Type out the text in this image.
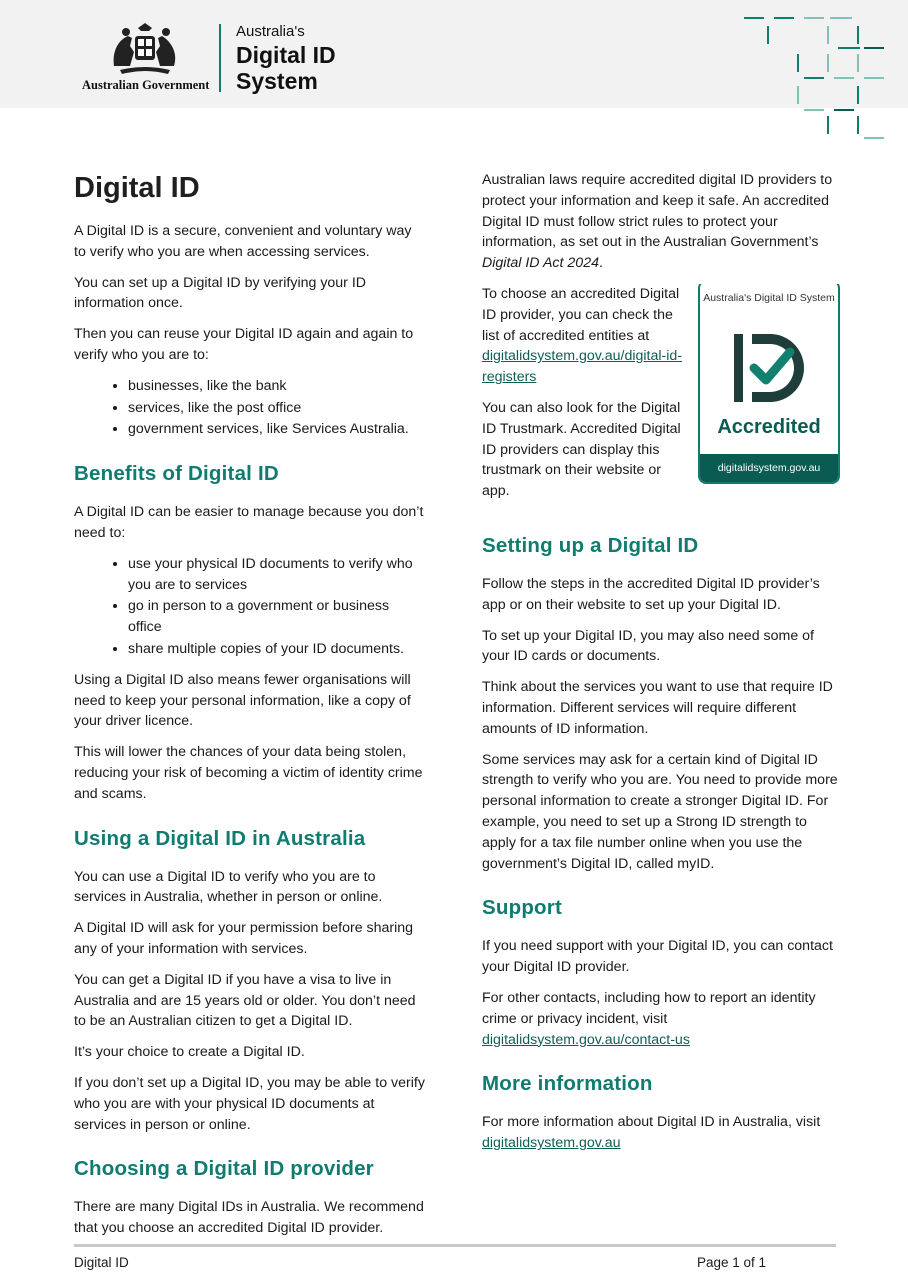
Australian Government
Australia's
Digital ID
System
Digital ID

A Digital ID is a secure, convenient and voluntary way to verify who you are when accessing services.

You can set up a Digital ID by verifying your ID information once.

Then you can reuse your Digital ID again and again to verify who you are to:

• businesses, like the bank
• services, like the post office
• government services, like Services Australia.
Benefits of Digital ID

A Digital ID can be easier to manage because you don’t need to:

• use your physical ID documents to verify who you are to services
• go in person to a government or business office
• share multiple copies of your ID documents.

Using a Digital ID also means fewer organisations will need to keep your personal information, like a copy of your driver licence.

This will lower the chances of your data being stolen, reducing your risk of becoming a victim of identity crime and scams.

Using a Digital ID in Australia

You can use a Digital ID to verify who you are to services in Australia, whether in person or online.

A Digital ID will ask for your permission before sharing any of your information with services.

You can get a Digital ID if you have a visa to live in Australia and are 15 years old or older. You don’t need to be an Australian citizen to get a Digital ID.

It’s your choice to create a Digital ID.

If you don’t set up a Digital ID, you may be able to verify who you are with your physical ID documents at services in person or online.

Choosing a Digital ID provider

There are many Digital IDs in Australia. We recommend that you choose an accredited Digital ID provider.

Australian laws require accredited digital ID providers to protect your information and keep it safe. An accredited Digital ID must follow strict rules to protect your information, as set out in the Australian Government’s Digital ID Act 2024.

Australia's Digital ID System
Accredited
digitalidsystem.gov.au

To choose an accredited Digital ID provider, you can check the list of accredited entities at digitalidsystem.gov.au/digital-id-registers

You can also look for the Digital ID Trustmark. Accredited Digital ID providers can display this trustmark on their website or app.

Setting up a Digital ID

Follow the steps in the accredited Digital ID provider’s app or on their website to set up your Digital ID.

To set up your Digital ID, you may also need some of your ID cards or documents.

Think about the services you want to use that require ID information. Different services will require different amounts of ID information.

Some services may ask for a certain kind of Digital ID strength to verify who you are. You need to provide more personal information to create a stronger Digital ID. For example, you need to set up a Strong ID strength to apply for a tax file number online when you use the government’s Digital ID, called myID.

Support

If you need support with your Digital ID, you can contact your Digital ID provider.

For other contacts, including how to report an identity crime or privacy incident, visit
digitalidsystem.gov.au/contact-us

More information

For more information about Digital ID in Australia, visit
digitalidsystem.gov.au

Digital ID	Page 1 of 1
